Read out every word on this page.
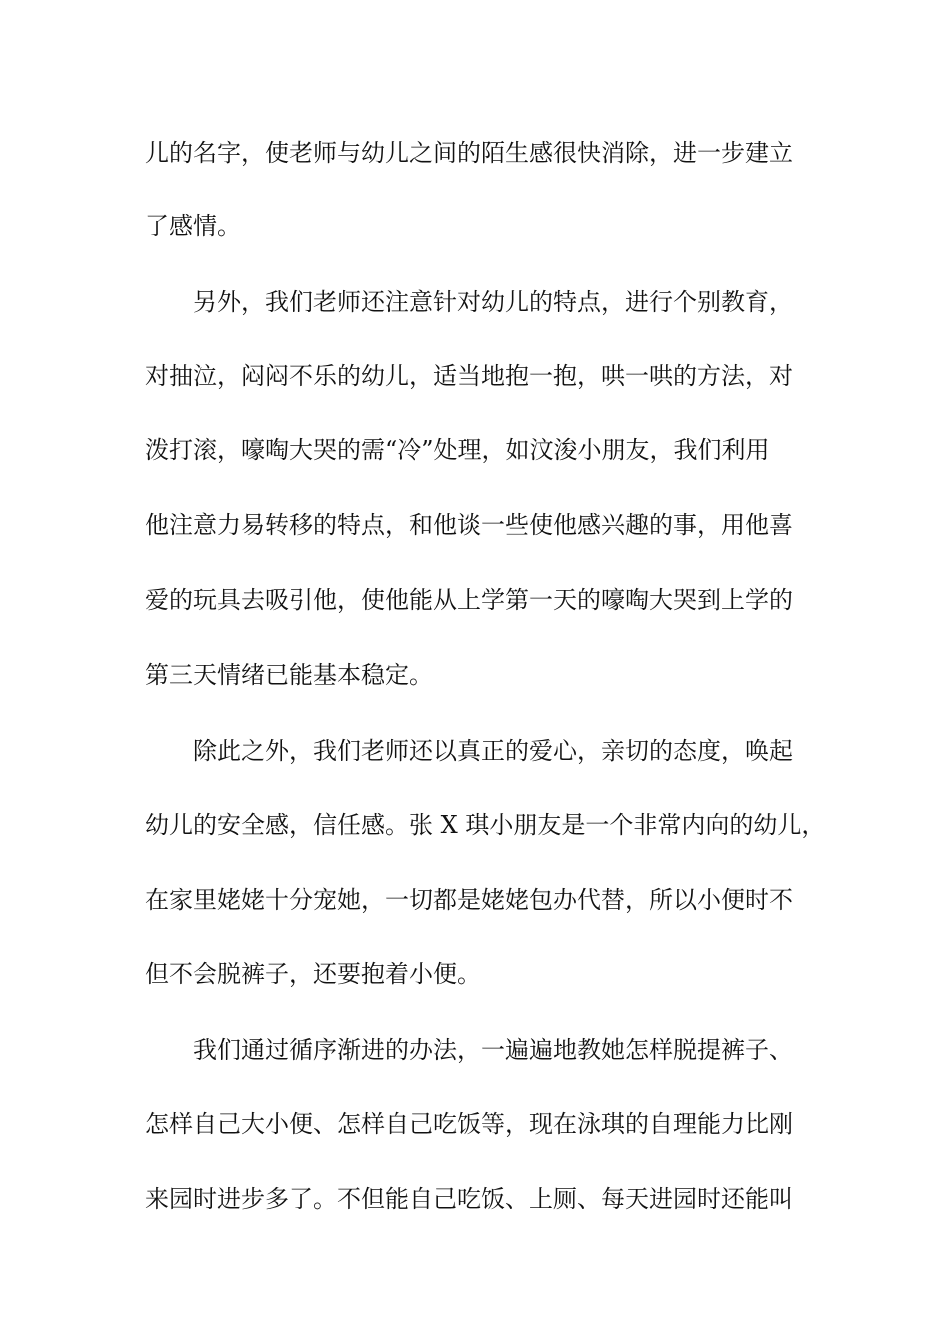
儿的名字，使老师与幼儿之间的陌生感很快消除，进一步建立

了感情。

另外，我们老师还注意针对幼儿的特点，进行个别教育，

对抽泣，闷闷不乐的幼儿，适当地抱一抱，哄一哄的方法，对

泼打滚，嚎啕大哭的需“冷”处理，如汶浚小朋友，我们利用

他注意力易转移的特点，和他谈一些使他感兴趣的事，用他喜

爱的玩具去吸引他，使他能从上学第一天的嚎啕大哭到上学的

第三天情绪已能基本稳定。

除此之外，我们老师还以真正的爱心，亲切的态度，唤起

幼儿的安全感，信任感。张 X 琪小朋友是一个非常内向的幼儿，

在家里姥姥十分宠她，一切都是姥姥包办代替，所以小便时不

但不会脱裤子，还要抱着小便。

我们通过循序渐进的办法，一遍遍地教她怎样脱提裤子、

怎样自己大小便、怎样自己吃饭等，现在泳琪的自理能力比刚

来园时进步多了。不但能自己吃饭、上厕、每天进园时还能叫
